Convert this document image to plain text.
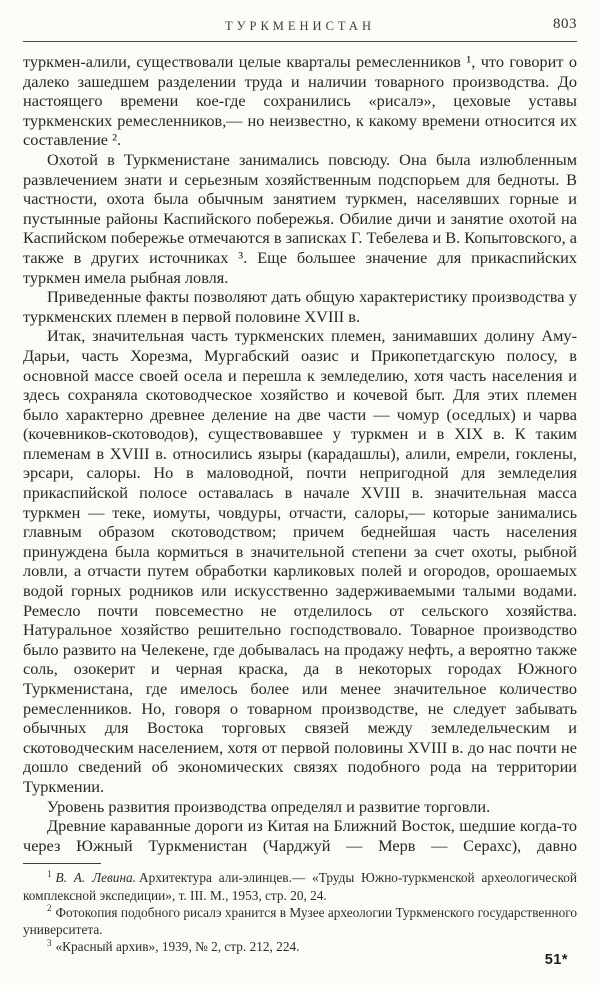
ТУРКМЕНИСТАН	803

туркмен-алили, существовали целые кварталы ремесленников ¹, что говорит о далеко зашедшем разделении труда и наличии товарного производства. До настоящего времени кое-где сохранились «рисалэ», цеховые уставы туркменских ремесленников,— но неизвестно, к какому времени относится их составление ².

Охотой в Туркменистане занимались повсюду. Она была излюбленным развлечением знати и серьезным хозяйственным подспорьем для бедноты. В частности, охота была обычным занятием туркмен, населявших горные и пустынные районы Каспийского побережья. Обилие дичи и занятие охотой на Каспийском побережье отмечаются в записках Г. Тебелева и В. Копытовского, а также в других источниках ³. Еще большее значение для прикаспийских туркмен имела рыбная ловля.

Приведенные факты позволяют дать общую характеристику производства у туркменских племен в первой половине XVIII в.

Итак, значительная часть туркменских племен, занимавших долину Аму-Дарьи, часть Хорезма, Мургабский оазис и Прикопетдагскую полосу, в основной массе своей осела и перешла к земледелию, хотя часть населения и здесь сохраняла скотоводческое хозяйство и кочевой быт. Для этих племен было характерно древнее деление на две части — чомур (оседлых) и чарва (кочевников-скотоводов), существовавшее у туркмен и в XIX в. К таким племенам в XVIII в. относились языры (карадашлы), алили, емрели, гоклены, эрсари, салоры. Но в маловодной, почти непригодной для земледелия прикаспийской полосе оставалась в начале XVIII в. значительная масса туркмен — теке, иомуты, човдуры, отчасти, салоры,— которые занимались главным образом скотоводством; причем беднейшая часть населения принуждена была кормиться в значительной степени за счет охоты, рыбной ловли, а отчасти путем обработки карликовых полей и огородов, орошаемых водой горных родников или искусственно задерживаемыми талыми водами. Ремесло почти повсеместно не отделилось от сельского хозяйства. Натуральное хозяйство решительно господствовало. Товарное производство было развито на Челекене, где добывалась на продажу нефть, а вероятно также соль, озокерит и черная краска, да в некоторых городах Южного Туркменистана, где имелось более или менее значительное количество ремесленников. Но, говоря о товарном производстве, не следует забывать обычных для Востока торговых связей между земледельческим и скотоводческим населением, хотя от первой половины XVIII в. до нас почти не дошло сведений об экономических связях подобного рода на территории Туркмении.

Уровень развития производства определял и развитие торговли.

Древние караванные дороги из Китая на Ближний Восток, шедшие когда-то через Южный Туркменистан (Чарджуй — Мерв — Серахс), давно

$^1$ В. А. Левина. Архитектура али-элинцев.— «Труды Южно-туркменской археологической комплексной экспедиции», т. III. М., 1953, стр. 20, 24.

$^2$ Фотокопия подобного рисалэ хранится в Музее археологии Туркменского государственного университета.

$^3$ «Красный архив», 1939, № 2, стр. 212, 224.

51*
